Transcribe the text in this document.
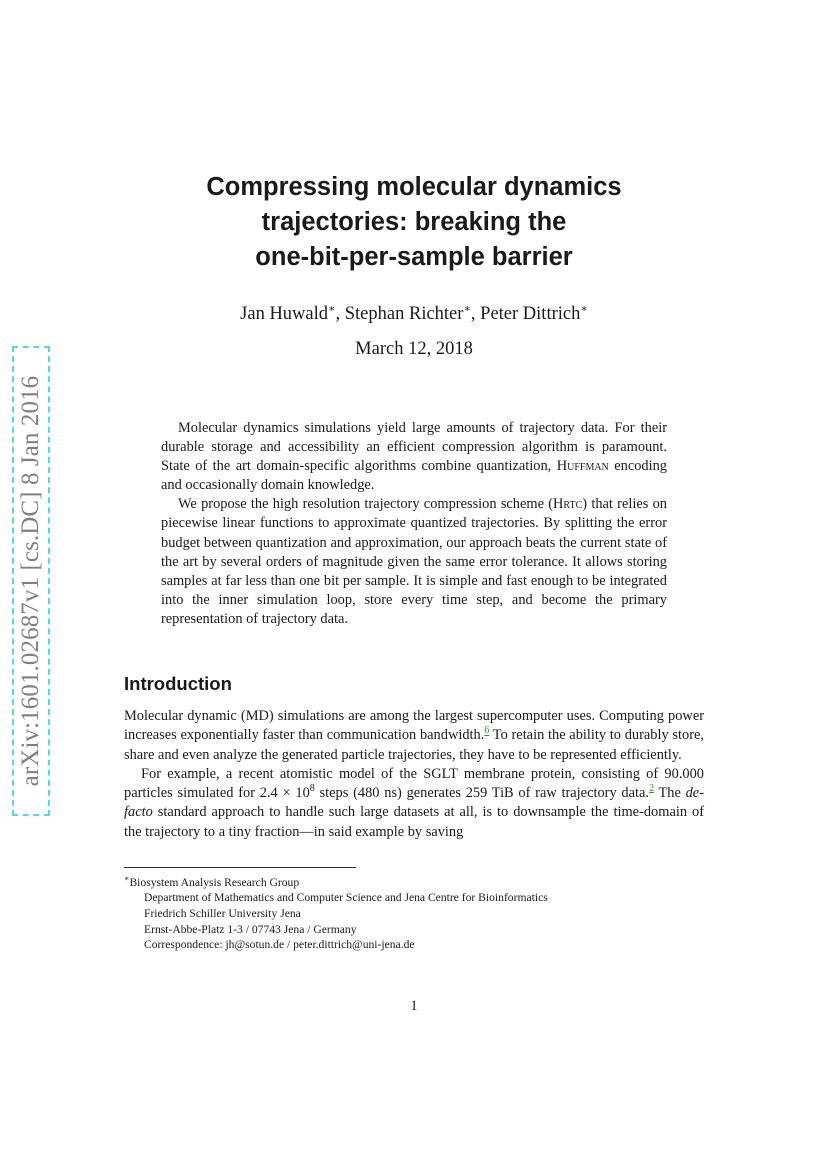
arXiv:1601.02687v1 [cs.DC] 8 Jan 2016
Compressing molecular dynamics
trajectories: breaking the
one-bit-per-sample barrier
Jan Huwald∗, Stephan Richter∗, Peter Dittrich∗
March 12, 2018

Molecular dynamics simulations yield large amounts of trajectory data. For their durable storage and accessibility an efficient compression algorithm is paramount. State of the art domain-specific algorithms combine quantization, Huffman encoding and occasionally domain knowledge.

We propose the high resolution trajectory compression scheme (Hrtc) that relies on piecewise linear functions to approximate quantized trajectories. By splitting the error budget between quantization and approximation, our approach beats the current state of the art by several orders of magnitude given the same error tolerance. It allows storing samples at far less than one bit per sample. It is simple and fast enough to be integrated into the inner simulation loop, store every time step, and become the primary representation of trajectory data.

Introduction

Molecular dynamic (MD) simulations are among the largest supercomputer uses. Computing power increases exponentially faster than communication bandwidth.$^6$ To retain the ability to durably store, share and even analyze the generated particle trajectories, they have to be represented efficiently.

For example, a recent atomistic model of the SGLT membrane protein, consisting of 90.000 particles simulated for $2.4 \times 10^8$ steps (480 ns) generates 259 TiB of raw trajectory data.$^2$ The de-facto standard approach to handle such large datasets at all, is to downsample the time-domain of the trajectory to a tiny fraction—in said example by saving

∗Biosystem Analysis Research Group
Department of Mathematics and Computer Science and Jena Centre for Bioinformatics
Friedrich Schiller University Jena
Ernst-Abbe-Platz 1-3 / 07743 Jena / Germany
Correspondence: jh@sotun.de / peter.dittrich@uni-jena.de
1
